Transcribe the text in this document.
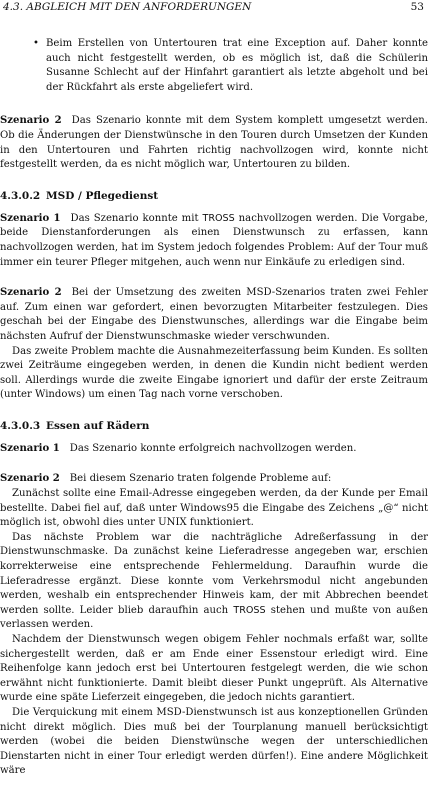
4.3. ABGLEICH MIT DEN ANFORDERUNGEN	53

• Beim Erstellen von Untertouren trat eine Exception auf. Daher konnte auch nicht festgestellt werden, ob es möglich ist, daß die Schülerin Susanne Schlecht auf der Hinfahrt garantiert als letzte abgeholt und bei der Rückfahrt als erste abgeliefert wird.

Szenario 2 Das Szenario konnte mit dem System komplett umgesetzt werden. Ob die Änderungen der Dienstwünsche in den Touren durch Umsetzen der Kunden in den Untertouren und Fahrten richtig nachvollzogen wird, konnte nicht festgestellt werden, da es nicht möglich war, Untertouren zu bilden.

4.3.0.2 MSD / Pflegedienst

Szenario 1 Das Szenario konnte mit TROSS nachvollzogen werden. Die Vorgabe, beide Dienstanforderungen als einen Dienstwunsch zu erfassen, kann nachvollzogen werden, hat im System jedoch folgendes Problem: Auf der Tour muß immer ein teurer Pfleger mitgehen, auch wenn nur Einkäufe zu erledigen sind.

Szenario 2 Bei der Umsetzung des zweiten MSD-Szenarios traten zwei Fehler auf. Zum einen war gefordert, einen bevorzugten Mitarbeiter festzulegen. Dies geschah bei der Eingabe des Dienstwunsches, allerdings war die Eingabe beim nächsten Aufruf der Dienstwunschmaske wieder verschwunden.

Das zweite Problem machte die Ausnahmezeiterfassung beim Kunden. Es sollten zwei Zeiträume eingegeben werden, in denen die Kundin nicht bedient werden soll. Allerdings wurde die zweite Eingabe ignoriert und dafür der erste Zeitraum (unter Windows) um einen Tag nach vorne verschoben.

4.3.0.3 Essen auf Rädern

Szenario 1 Das Szenario konnte erfolgreich nachvollzogen werden.

Szenario 2 Bei diesem Szenario traten folgende Probleme auf:

Zunächst sollte eine Email-Adresse eingegeben werden, da der Kunde per Email bestellte. Dabei fiel auf, daß unter Windows95 die Eingabe des Zeichens „@“ nicht möglich ist, obwohl dies unter UNIX funktioniert.

Das nächste Problem war die nachträgliche Adreßerfassung in der Dienstwunschmaske. Da zunächst keine Lieferadresse angegeben war, erschien korrekterweise eine entsprechende Fehlermeldung. Daraufhin wurde die Lieferadresse ergänzt. Diese konnte vom Verkehrsmodul nicht angebunden werden, weshalb ein entsprechender Hinweis kam, der mit Abbrechen beendet werden sollte. Leider blieb daraufhin auch TROSS stehen und mußte von außen verlassen werden.

Nachdem der Dienstwunsch wegen obigem Fehler nochmals erfaßt war, sollte sichergestellt werden, daß er am Ende einer Essenstour erledigt wird. Eine Reihenfolge kann jedoch erst bei Untertouren festgelegt werden, die wie schon erwähnt nicht funktionierte. Damit bleibt dieser Punkt ungeprüft. Als Alternative wurde eine späte Lieferzeit eingegeben, die jedoch nichts garantiert.

Die Verquickung mit einem MSD-Dienstwunsch ist aus konzeptionellen Gründen nicht direkt möglich. Dies muß bei der Tourplanung manuell berücksichtigt werden (wobei die beiden Dienstwünsche wegen der unterschiedlichen Dienstarten nicht in einer Tour erledigt werden dürfen!). Eine andere Möglichkeit wäre
